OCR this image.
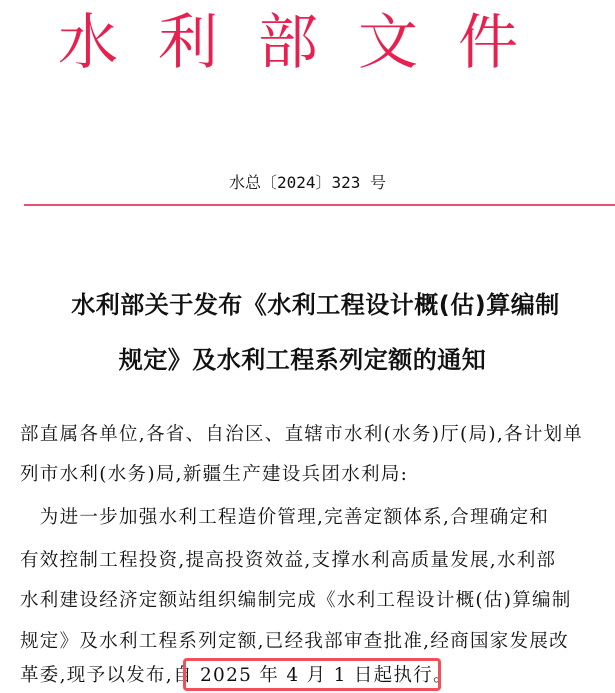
水 利 部 文 件
水总〔2024〕323 号
水利部关于发布《水利工程设计概(估)算编制
规定》及水利工程系列定额的通知
部直属各单位,各省、自治区、直辖市水利(水务)厅(局),各计划单
列市水利(水务)局,新疆生产建设兵团水利局:
　为进一步加强水利工程造价管理,完善定额体系,合理确定和
有效控制工程投资,提高投资效益,支撑水利高质量发展,水利部
水利建设经济定额站组织编制完成《水利工程设计概(估)算编制
规定》及水利工程系列定额,已经我部审查批准,经商国家发展改
革委,现予以发布,自 2025 年 4 月 1 日起执行。
